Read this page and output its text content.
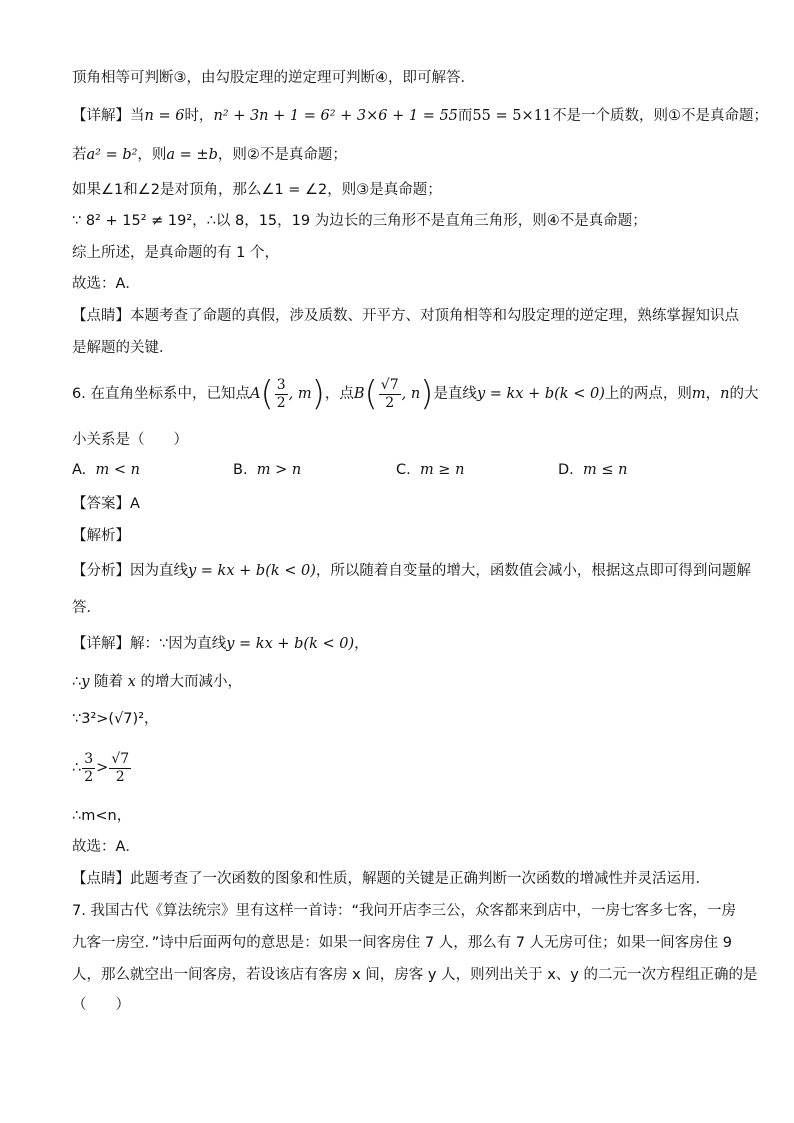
顶角相等可判断③，由勾股定理的逆定理可判断④，即可解答．
【详解】当n = 6时，n² + 3n + 1 = 6² + 3×6 + 1 = 55而55 = 5×11不是一个质数，则①不是真命题；
若a² = b²，则a = ±b，则②不是真命题；
如果∠1和∠2是对顶角，那么∠1 = ∠2，则③是真命题；
∵ 8² + 15² ≠ 19²，∴以 8，15，19 为边长的三角形不是直角三角形，则④不是真命题；
综上所述，是真命题的有 1 个，
故选：A．
【点睛】本题考查了命题的真假，涉及质数、开平方、对顶角相等和勾股定理的逆定理，熟练掌握知识点
是解题的关键．
6. 在直角坐标系中，已知点$A( \frac{3}{2}$ , m)，点$B( \frac{√7}{2}$ , n)是直线y = kx + b(k < 0)上的两点，则m，n的大
小关系是（　　）
A. m < n	B. m > n	C. m ≥ n	D. m ≤ n
【答案】A
【解析】
【分析】因为直线y = kx + b(k < 0)，所以随着自变量的增大，函数值会减小，根据这点即可得到问题解
答．
【详解】解：∵因为直线y = kx + b(k < 0)，
∴y 随着 x 的增大而减小，
∵3²>(√7)²，
∴ $\frac{3}{2} > \frac{√7}{2}$
∴m<n，
故选：A．
【点睛】此题考查了一次函数的图象和性质，解题的关键是正确判断一次函数的增减性并灵活运用．
7. 我国古代《算法统宗》里有这样一首诗：“我问开店李三公，众客都来到店中，一房七客多七客，一房
九客一房空．”诗中后面两句的意思是：如果一间客房住 7 人，那么有 7 人无房可住；如果一间客房住 9
人，那么就空出一间客房，若设该店有客房 x 间，房客 y 人，则列出关于 x、y 的二元一次方程组正确的是
（　　）
